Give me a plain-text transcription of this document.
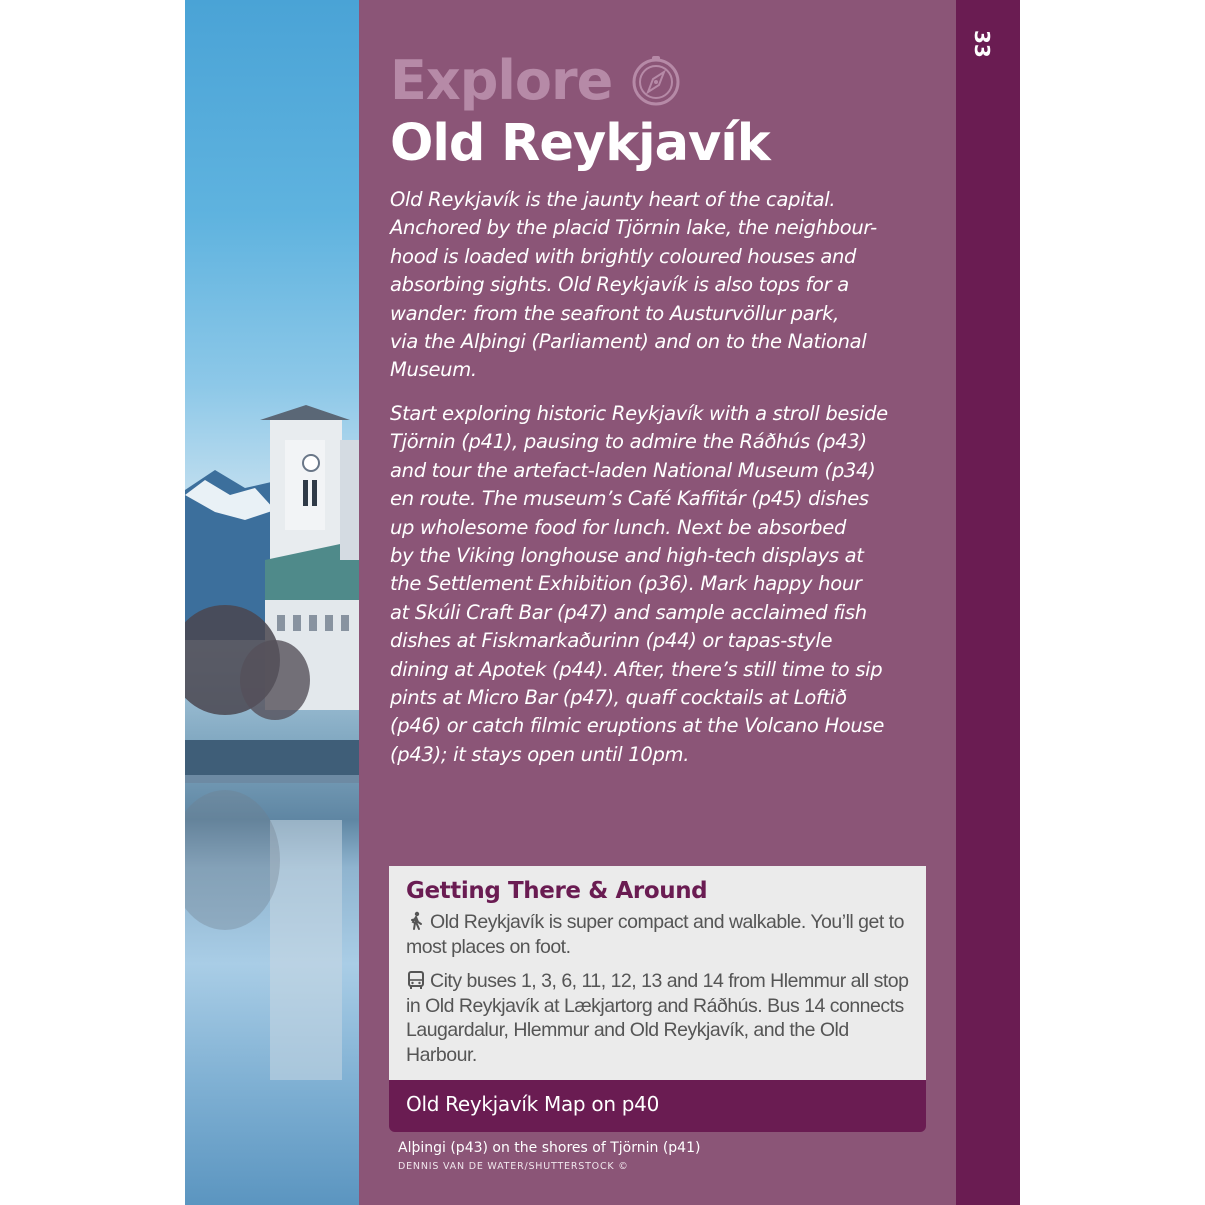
33
Explore
Old Reykjavík
Old Reykjavík is the jaunty heart of the capital.
Anchored by the placid Tjörnin lake, the neighbour-
hood is loaded with brightly coloured houses and
absorbing sights. Old Reykjavík is also tops for a
wander: from the seafront to Austurvöllur park,
via the Alþingi (Parliament) and on to the National
Museum.
Start exploring historic Reykjavík with a stroll beside
Tjörnin (p41), pausing to admire the Ráðhús (p43)
and tour the artefact-laden National Museum (p34)
en route. The museum’s Café Kaffitár (p45) dishes
up wholesome food for lunch. Next be absorbed
by the Viking longhouse and high-tech displays at
the Settlement Exhibition (p36). Mark happy hour
at Skúli Craft Bar (p47) and sample acclaimed fish
dishes at Fiskmarkaðurinn (p44) or tapas-style
dining at Apotek (p44). After, there’s still time to sip
pints at Micro Bar (p47), quaff cocktails at Loftið
(p46) or catch filmic eruptions at the Volcano House
(p43); it stays open until 10pm.
Getting There & Around
Old Reykjavík is super compact and walkable. You’ll get to
most places on foot.
City buses 1, 3, 6, 11, 12, 13 and 14 from Hlemmur all stop
in Old Reykjavík at Lækjartorg and Ráðhús. Bus 14 connects
Laugardalur, Hlemmur and Old Reykjavík, and the Old
Harbour.
Old Reykjavík Map on p40
Alþingi (p43) on the shores of Tjörnin (p41)
DENNIS VAN DE WATER/SHUTTERSTOCK ©
